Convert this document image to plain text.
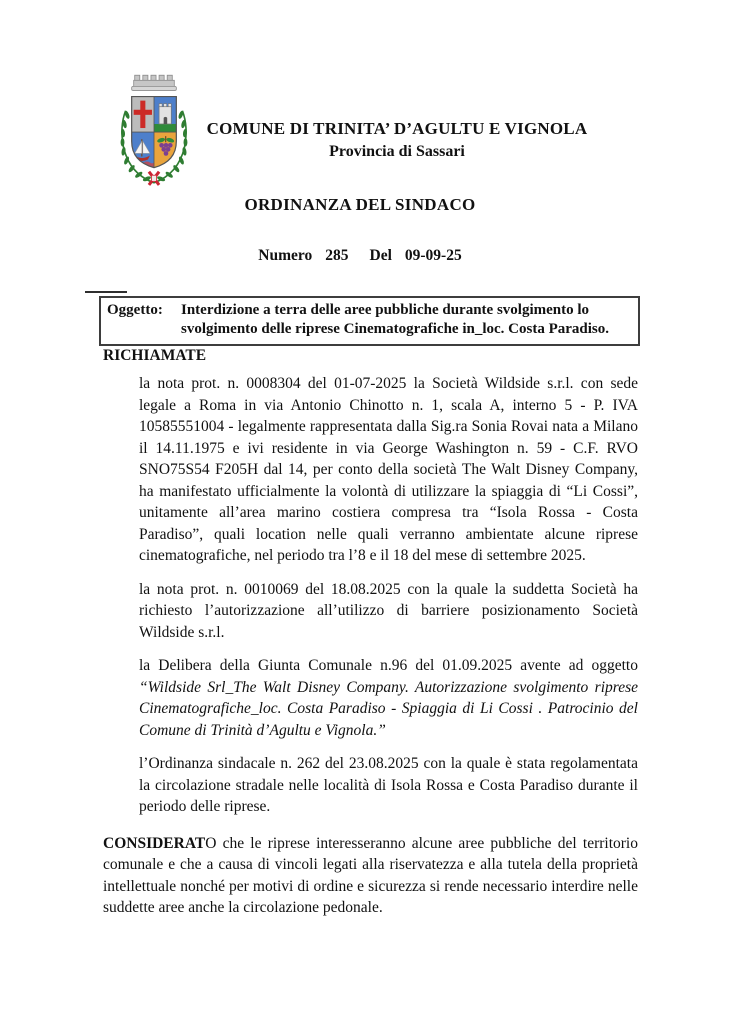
COMUNE DI TRINITA’ D’AGULTU E VIGNOLA
Provincia di Sassari
ORDINANZA DEL SINDACO
Numero 285 Del 09-09-25
Oggetto:	Interdizione a terra delle aree pubbliche durante svolgimento lo
svolgimento delle riprese Cinematografiche in_loc. Costa Paradiso.
RICHIAMATE

la nota prot. n. 0008304 del 01-07-2025 la Società Wildside s.r.l. con sede legale a Roma in via Antonio Chinotto n. 1, scala A, interno 5 - P. IVA 10585551004 - legalmente rappresentata dalla Sig.ra Sonia Rovai nata a Milano il 14.11.1975 e ivi residente in via George Washington n. 59 - C.F. RVO SNO75S54 F205H dal 14, per conto della società The Walt Disney Company, ha manifestato ufficialmente la volontà di utilizzare la spiaggia di “Li Cossi”, unitamente all’area marino costiera compresa tra “Isola Rossa - Costa Paradiso”, quali location nelle quali verranno ambientate alcune riprese cinematografiche, nel periodo tra l’8 e il 18 del mese di settembre 2025.

la nota prot. n. 0010069 del 18.08.2025 con la quale la suddetta Società ha richiesto l’autorizzazione all’utilizzo di barriere posizionamento Società Wildside s.r.l.

la Delibera della Giunta Comunale n.96 del 01.09.2025 avente ad oggetto “Wildside Srl_The Walt Disney Company. Autorizzazione svolgimento riprese Cinematografiche_loc. Costa Paradiso - Spiaggia di Li Cossi . Patrocinio del Comune di Trinità d’Agultu e Vignola.”

l’Ordinanza sindacale n. 262 del 23.08.2025 con la quale è stata regolamentata la circolazione stradale nelle località di Isola Rossa e Costa Paradiso durante il periodo delle riprese.

CONSIDERATO che le riprese interesseranno alcune aree pubbliche del territorio comunale e che a causa di vincoli legati alla riservatezza e alla tutela della proprietà intellettuale nonché per motivi di ordine e sicurezza si rende necessario interdire nelle suddette aree anche la circolazione pedonale.
